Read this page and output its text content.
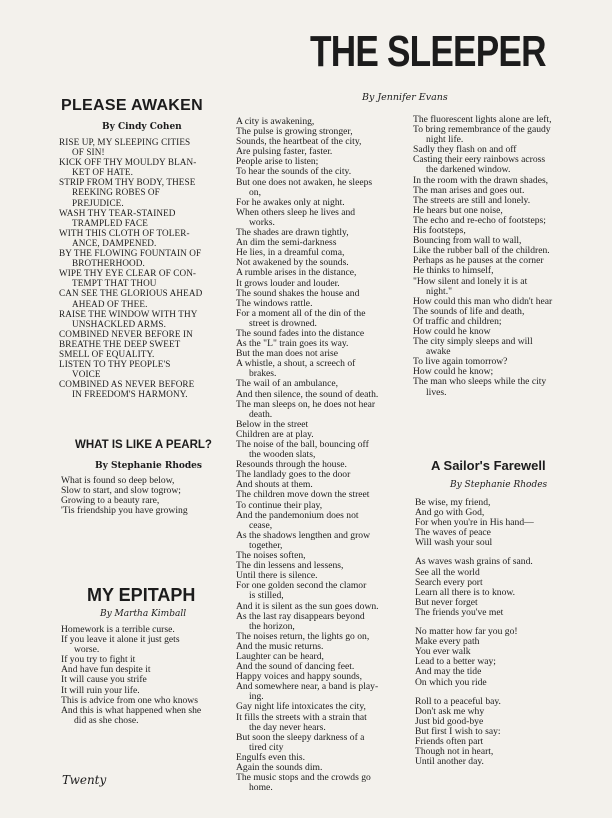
THE SLEEPER
By Jennifer Evans
PLEASE AWAKEN
By Cindy Cohen
RISE UP, MY SLEEPING CITIES
OF SIN!
KICK OFF THY MOULDY BLAN-
KET OF HATE.
STRIP FROM THY BODY, THESE
REEKING ROBES OF
PREJUDICE.
WASH THY TEAR-STAINED
TRAMPLED FACE
WITH THIS CLOTH OF TOLER-
ANCE, DAMPENED.
BY THE FLOWING FOUNTAIN OF
BROTHERHOOD.
WIPE THY EYE CLEAR OF CON-
TEMPT THAT THOU
CAN SEE THE GLORIOUS AHEAD
AHEAD OF THEE.
RAISE THE WINDOW WITH THY
UNSHACKLED ARMS.
COMBINED NEVER BEFORE IN
BREATHE THE DEEP SWEET
SMELL OF EQUALITY.
LISTEN TO THY PEOPLE'S
VOICE
COMBINED AS NEVER BEFORE
IN FREEDOM'S HARMONY.
WHAT IS LIKE A PEARL?
By Stephanie Rhodes
What is found so deep below,
Slow to start, and slow togrow;
Growing to a beauty rare,
'Tis friendship you have growing
MY EPITAPH
By Martha Kimball
Homework is a terrible curse.
If you leave it alone it just gets
worse.
If you try to fight it
And have fun despite it
It will cause you strife
It will ruin your life.
This is advice from one who knows
And this is what happened when she
did as she chose.
A city is awakening,
The pulse is growing stronger,
Sounds, the heartbeat of the city,
Are pulsing faster, faster.
People arise to listen;
To hear the sounds of the city.
But one does not awaken, he sleeps
on,
For he awakes only at night.
When others sleep he lives and
works.
The shades are drawn tightly,
An dim the semi-darkness
He lies, in a dreamful coma,
Not awakened by the sounds.
A rumble arises in the distance,
It grows louder and louder.
The sound shakes the house and
The windows rattle.
For a moment all of the din of the
street is drowned.
The sound fades into the distance
As the "L" train goes its way.
But the man does not arise
A whistle, a shout, a screech of
brakes.
The wail of an ambulance,
And then silence, the sound of death.
The man sleeps on, he does not hear
death.
Below in the street
Children are at play.
The noise of the ball, bouncing off
the wooden slats,
Resounds through the house.
The landlady goes to the door
And shouts at them.
The children move down the street
To continue their play,
And the pandemonium does not
cease,
As the shadows lengthen and grow
together,
The noises soften,
The din lessens and lessens,
Until there is silence.
For one golden second the clamor
is stilled,
And it is silent as the sun goes down.
As the last ray disappears beyond
the horizon,
The noises return, the lights go on,
And the music returns.
Laughter can be heard,
And the sound of dancing feet.
Happy voices and happy sounds,
And somewhere near, a band is play-
ing.
Gay night life intoxicates the city,
It fills the streets with a strain that
the day never hears.
But soon the sleepy darkness of a
tired city
Engulfs even this.
Again the sounds dim.
The music stops and the crowds go
home.
The fluorescent lights alone are left,
To bring remembrance of the gaudy
night life.
Sadly they flash on and off
Casting their eery rainbows across
the darkened window.
In the room with the drawn shades,
The man arises and goes out.
The streets are still and lonely.
He hears but one noise,
The echo and re-echo of footsteps;
His footsteps,
Bouncing from wall to wall,
Like the rubber ball of the children.
Perhaps as he pauses at the corner
He thinks to himself,
"How silent and lonely it is at
night."
How could this man who didn't hear
The sounds of life and death,
Of traffic and children;
How could he know
The city simply sleeps and will
awake
To live again tomorrow?
How could he know;
The man who sleeps while the city
lives.
A Sailor's Farewell
By Stephanie Rhodes
Be wise, my friend,
And go with God,
For when you're in His hand—
The waves of peace
Will wash your soul
As waves wash grains of sand.
See all the world
Search every port
Learn all there is to know.
But never forget
The friends you've met
No matter how far you go!
Make every path
You ever walk
Lead to a better way;
And may the tide
On which you ride
Roll to a peaceful bay.
Don't ask me why
Just bid good-bye
But first I wish to say:
Friends often part
Though not in heart,
Until another day.
Twenty
